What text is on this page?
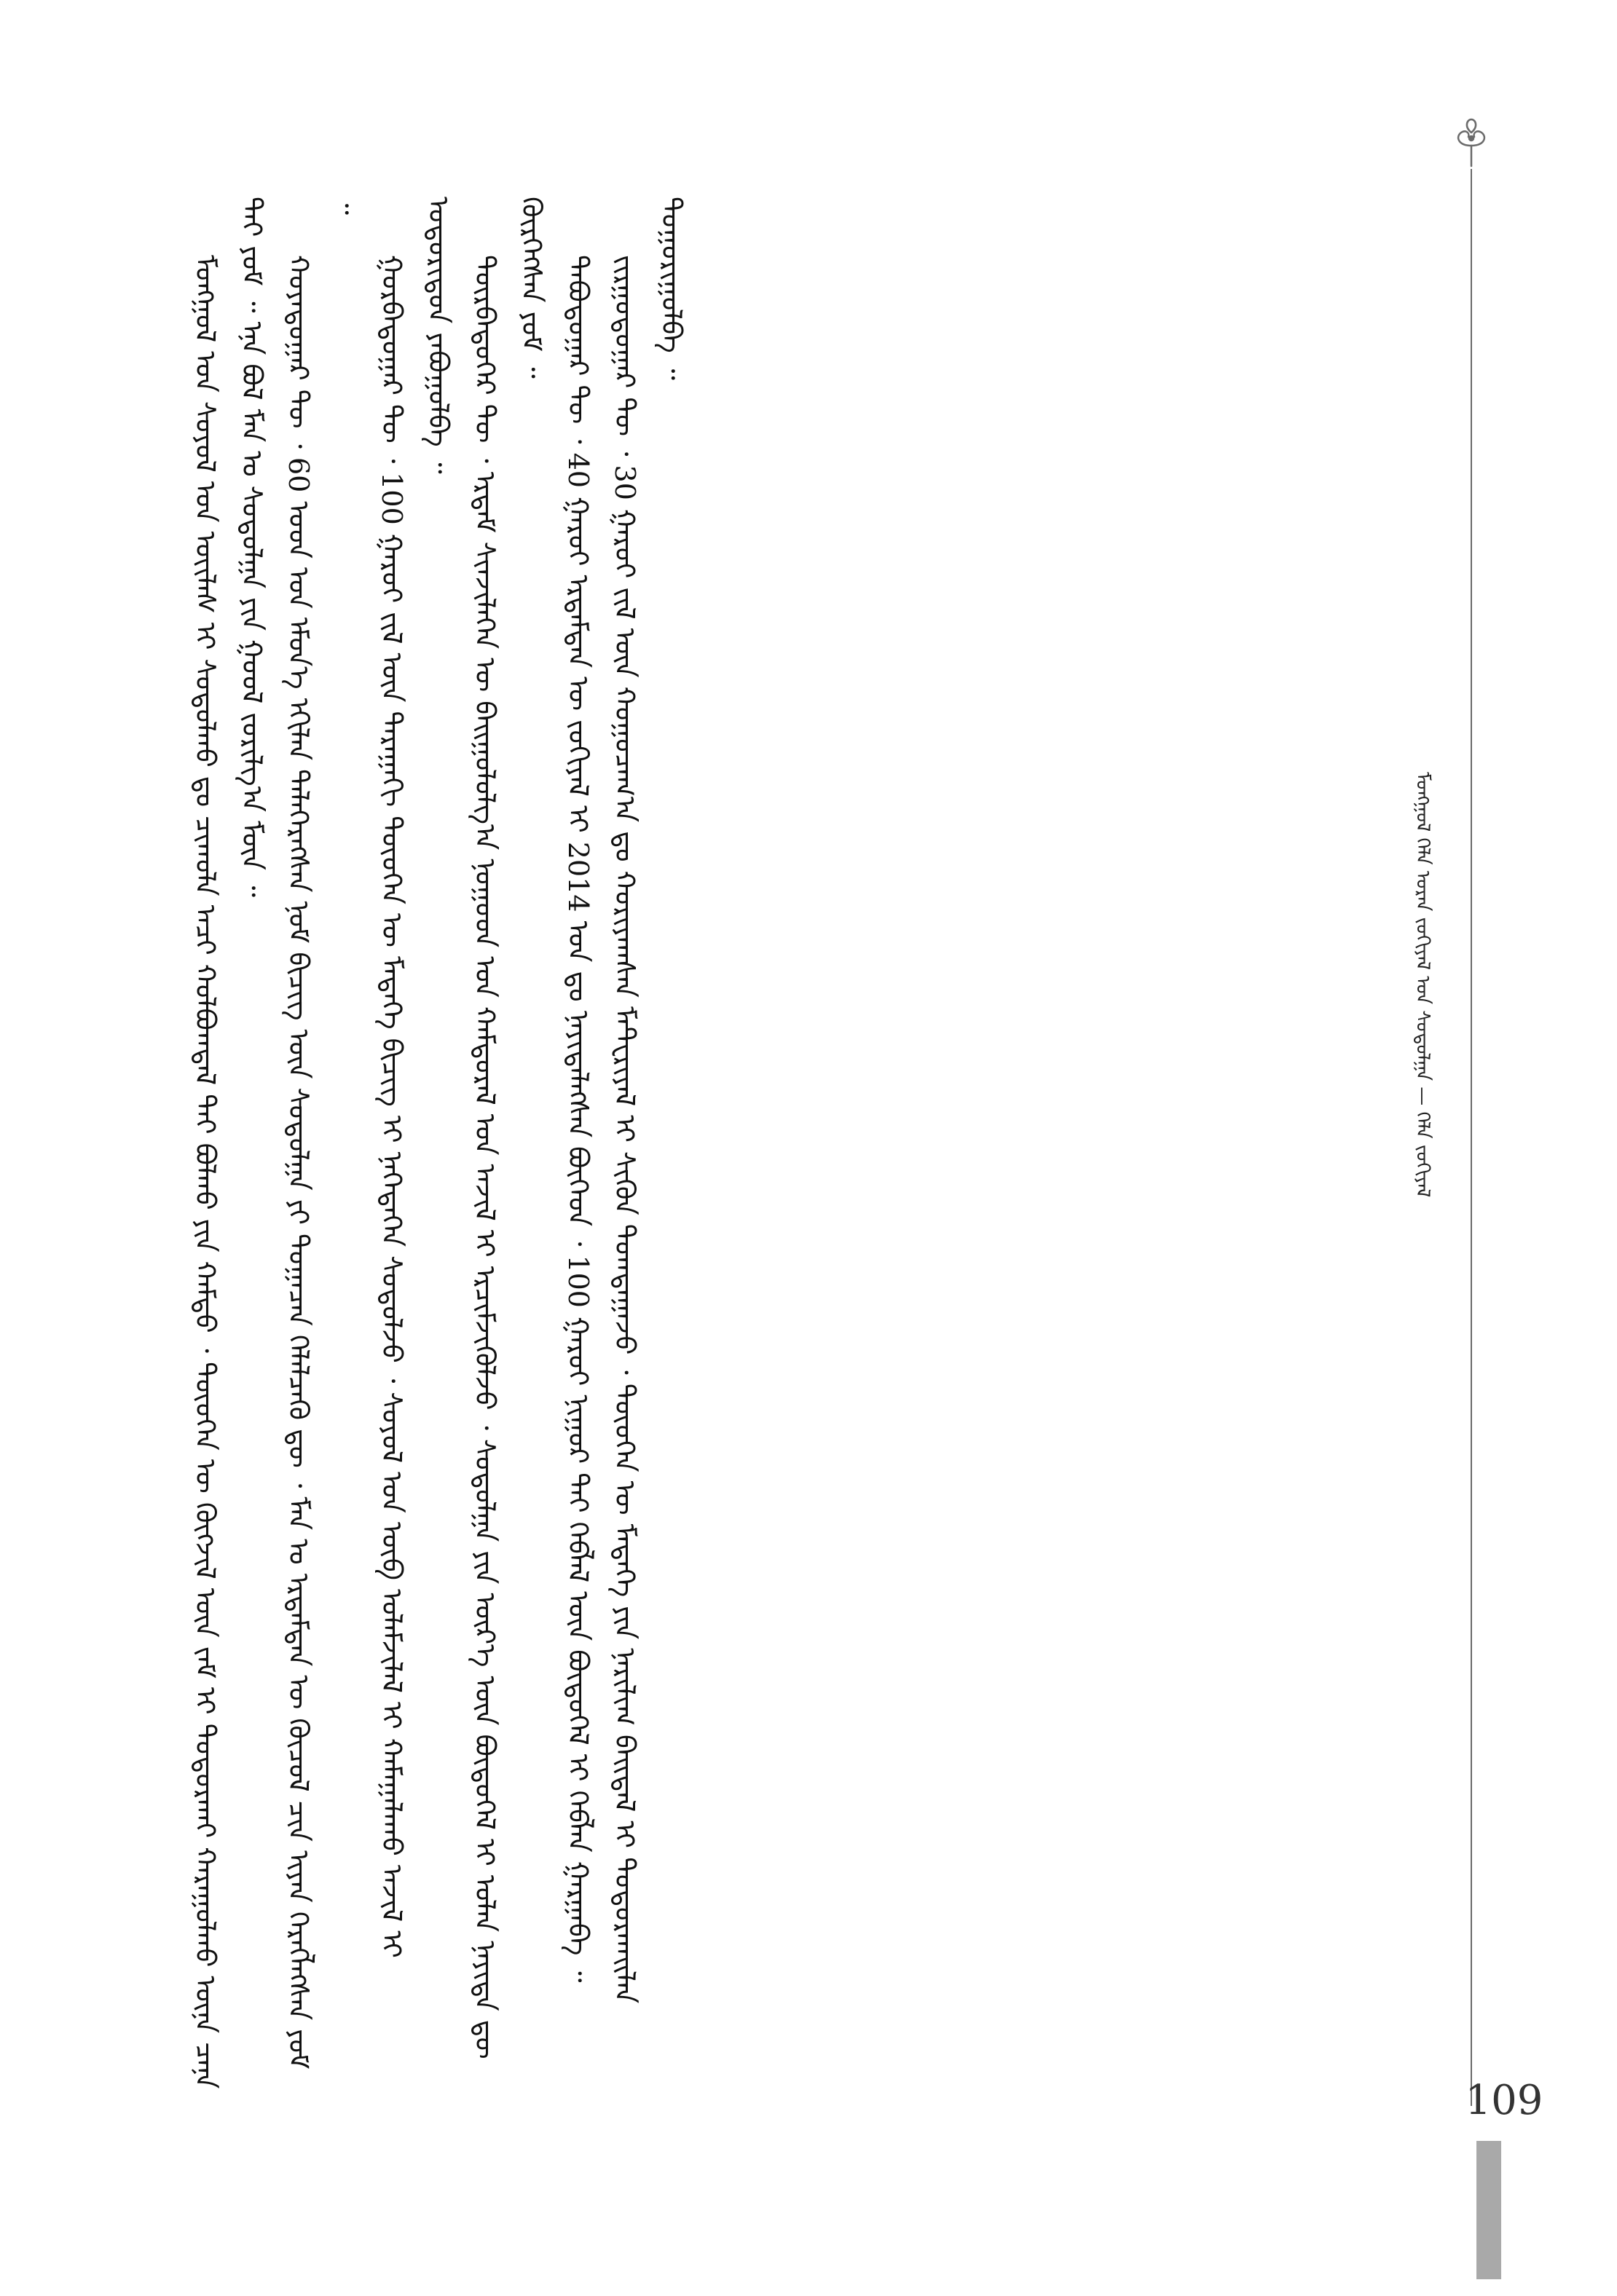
ᠮᠣᠩᠭᠣᠯ ᠬᠡᠯᠡ ᠤᠷᠠᠨ ᠵᠣᠬᠢᠶᠠᠯ ᠤᠨ ᠰᠤᠳᠤᠯᠭᠠ — ᠬᠡᠯᠡ ᠵᠣᠬᠢᠶᠠᠯ

ᠮᠣᠩᠭᠣᠯ ᠤᠨ ᠰᠣᠶᠣᠯ ᠤᠨ ᠦᠢᠯᠡᠰ ᠢ ᠰᠤᠳᠤᠯᠬᠤ ᠳᠤ ᠴᠢᠬᠤᠯᠠ ᠠᠴᠢ ᠬᠣᠯᠪᠣᠭᠳᠠᠯ ᠲᠠᠢ ᠪᠣᠯᠬᠤ ᠶᠢᠨ ᠬᠠᠮᠲᠤ ᠂ ᠲᠦᠦᠬᠡᠨ ᠦ ᠬᠥᠭᠵᠢᠯ ᠦᠨ ᠵᠠᠮ ᠢ ᠲᠣᠳᠣᠷᠬᠠᠢ ᠬᠠᠷᠠᠭᠤᠯᠬᠤ ᠦᠨᠡ ᠴᠡᠨᠡ ᠲᠠᠢ ᠶᠤᠮ ᠃ ᠡᠨᠡ ᠪᠣᠯ ᠮᠠᠨ ᠤ ᠰᠤᠳᠤᠯᠭᠠ ᠶᠢᠨ ᠭᠣᠣᠯ ᠵᠣᠷᠢᠯᠭ᠎ᠠ ᠮᠥᠨ ᠃ ᠬᠣᠶᠠᠳᠤᠭᠠᠷ ᠲᠦ ᠂ 60 ᠣᠳ ᠤᠨ ᠡᠮᠦᠨ᠎ᠡ ᠡᠬᠢᠯᠡᠨ ᠲᠡᠯᠡᠭᠡᠷᠡᠭᠰᠡᠨ ᠨᠣᠮ ᠪᠢᠴᠢᠭ ᠦᠨ ᠰᠤᠳᠤᠯᠭᠠ ᠶᠢ ᠲᠣᠭᠠᠴᠠᠨ ᠬᠡᠯᠡᠯᠴᠡᠬᠦ ᠳᠦ ᠂ ᠮᠠᠨ ᠤ ᠡᠷᠳᠡᠮᠲᠡᠨ ᠦ ᠬᠦᠴᠦᠯ ᠴᠢᠨ ᠢᠶᠡᠨ ᠬᠡᠷᠡᠭᠯᠡᠭᠰᠡᠨ ᠶᠤᠮ ᠃

ᠭᠤᠷᠪᠠᠳᠤᠭᠠᠷ ᠲᠦ ᠂ 100 ᠭᠠᠷᠤᠢ ᠵᠢᠯ ᠦᠨ ᠳᠠᠷᠠᠭᠠᠬᠢ ᠲᠦᠦᠬᠡᠨ ᠦ ᠮᠡᠳᠡᠭᠡ ᠪᠢᠴᠢᠭ ᠢ ᠨᠡᠭᠡᠲᠡᠭᠡᠨ ᠰᠤᠳᠤᠯᠵᠤ ᠂ ᠰᠣᠶᠣᠯ ᠤᠨ ᠦᠪ ᠤᠯᠠᠮᠵᠢᠯᠠᠯ ᠢ ᠬᠠᠮᠠᠭᠠᠯᠠᠬᠤ ᠠᠵᠢᠯ ᠢ ᠤᠳᠤᠷᠢᠳᠤᠨ ᠶᠠᠪᠤᠭᠤᠯᠪᠠ ᠃ ᠳᠥᠷᠪᠡᠳᠦᠭᠡᠷ ᠲᠦ ᠂ ᠡᠷᠳᠡᠮ ᠰᠢᠨᠵᠢᠯᠡᠭᠡᠨ ᠦ ᠪᠠᠢᠭᠤᠯᠤᠯᠭ᠎ᠠ ᠨᠤᠭᠤᠳ ᠤᠨ ᠬᠠᠮᠲᠤᠷᠠᠯ ᠤᠨ ᠠᠵᠢᠯ ᠢ ᠡᠷᠴᠢᠮᠵᠢᠭᠦᠯᠵᠦ ᠂ ᠰᠤᠳᠤᠯᠭᠠ ᠶᠢᠨ ᠦᠷ᠎ᠡ ᠦᠨ ᠪᠦᠲᠦᠭᠡᠯ ᠢ ᠣᠯᠠᠨ ᠨᠡᠶᠢᠲᠡ ᠳᠦ ᠬᠦᠷᠭᠡᠭᠰᠡᠨ ᠶᠤᠮ ᠃ ᠲᠠᠪᠤᠳᠤᠭᠠᠷ ᠲᠦ ᠂ 40 ᠭᠠᠷᠤᠢ ᠡᠷᠳᠡᠮᠲᠡᠨ ᠦ ᠵᠣᠬᠢᠶᠠᠯ ᠢ 2014 ᠣᠨ ᠳᠤ ᠨᠡᠶᠢᠲᠡᠯᠡᠭᠰᠡᠨ ᠪᠥᠭᠡᠳ ᠂ 100 ᠭᠠᠷᠤᠢ ᠨᠢᠭᠤᠷ ᠲᠠᠢ ᠬᠡᠪᠯᠡᠯ ᠦᠨ ᠪᠦᠲᠦᠭᠡᠯ ᠢ ᠬᠡᠪᠯᠡᠨ ᠭᠠᠷᠭᠠᠪᠠ ᠃ ᠵᠢᠷᠭᠤᠳᠤᠭᠠᠷ ᠲᠦ ᠂ 30 ᠭᠠᠷᠤᠢ ᠵᠢᠯ ᠦᠨ ᠬᠤᠭᠤᠴᠠᠭ᠎ᠠ ᠳᠤ ᠬᠤᠷᠢᠶᠠᠭᠰᠠᠨ ᠮᠠᠲᠸᠷᠢᠶᠠᠯ ᠢ ᠰᠢᠭᠦᠨ ᠲᠣᠭᠲᠠᠭᠠᠵᠤ ᠂ ᠲᠦᠦᠬᠡᠨ ᠦ ᠮᠡᠳᠡᠭᠡ ᠶᠢᠨ ᠨᠠᠷᠢᠯᠢᠭ ᠪᠠᠢᠳᠠᠯ ᠢ ᠲᠣᠳᠣᠷᠬᠠᠢᠯᠠᠨ ᠲᠣᠭᠤᠷᠢᠭᠤᠯᠪᠠ ᠃

109
